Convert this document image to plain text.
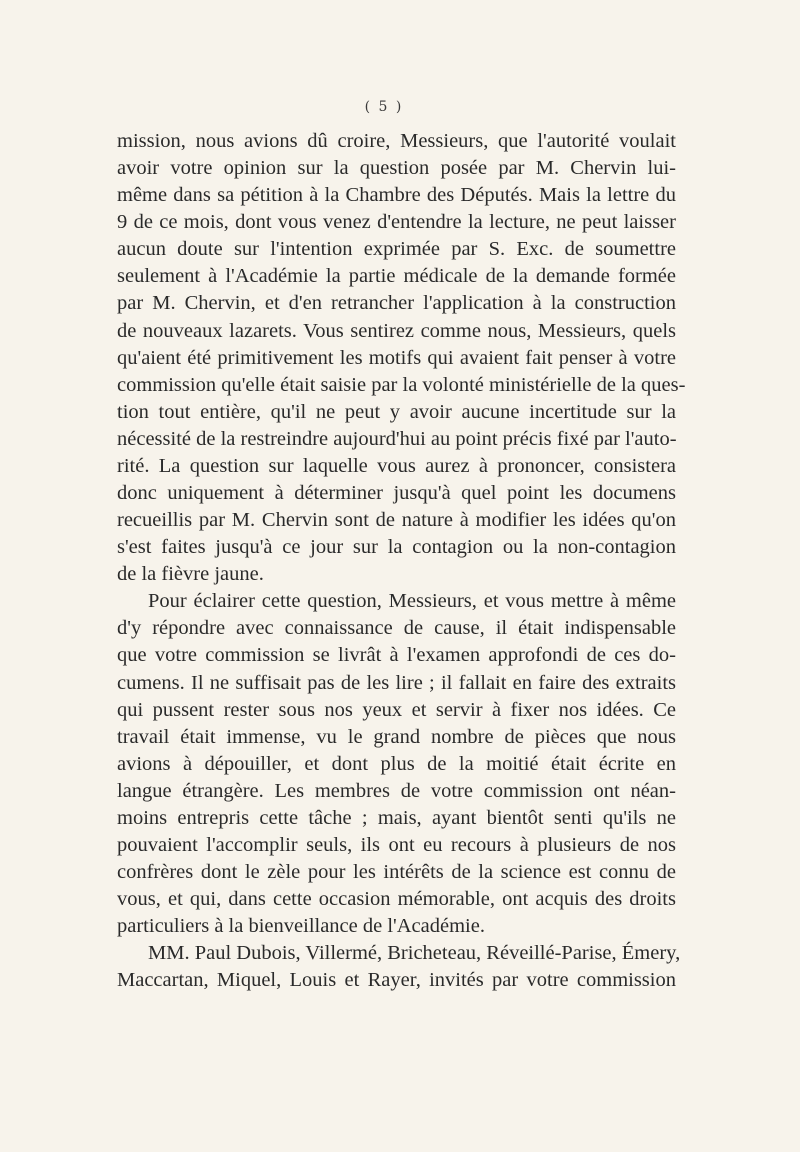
( 5 )
mission, nous avions dû croire, Messieurs, que l'autorité voulait
avoir votre opinion sur la question posée par M. Chervin lui-
même dans sa pétition à la Chambre des Députés. Mais la lettre du
9 de ce mois, dont vous venez d'entendre la lecture, ne peut laisser
aucun doute sur l'intention exprimée par S. Exc. de soumettre
seulement à l'Académie la partie médicale de la demande formée
par M. Chervin, et d'en retrancher l'application à la construction
de nouveaux lazarets. Vous sentirez comme nous, Messieurs, quels
qu'aient été primitivement les motifs qui avaient fait penser à votre
commission qu'elle était saisie par la volonté ministérielle de la ques-
tion tout entière, qu'il ne peut y avoir aucune incertitude sur la
nécessité de la restreindre aujourd'hui au point précis fixé par l'auto-
rité. La question sur laquelle vous aurez à prononcer, consistera
donc uniquement à déterminer jusqu'à quel point les documens
recueillis par M. Chervin sont de nature à modifier les idées qu'on
s'est faites jusqu'à ce jour sur la contagion ou la non-contagion
de la fièvre jaune.
Pour éclairer cette question, Messieurs, et vous mettre à même
d'y répondre avec connaissance de cause, il était indispensable
que votre commission se livrât à l'examen approfondi de ces do-
cumens. Il ne suffisait pas de les lire ; il fallait en faire des extraits
qui pussent rester sous nos yeux et servir à fixer nos idées. Ce
travail était immense, vu le grand nombre de pièces que nous
avions à dépouiller, et dont plus de la moitié était écrite en
langue étrangère. Les membres de votre commission ont néan-
moins entrepris cette tâche ; mais, ayant bientôt senti qu'ils ne
pouvaient l'accomplir seuls, ils ont eu recours à plusieurs de nos
confrères dont le zèle pour les intérêts de la science est connu de
vous, et qui, dans cette occasion mémorable, ont acquis des droits
particuliers à la bienveillance de l'Académie.
MM. Paul Dubois, Villermé, Bricheteau, Réveillé-Parise, Émery,
Maccartan, Miquel, Louis et Rayer, invités par votre commission
